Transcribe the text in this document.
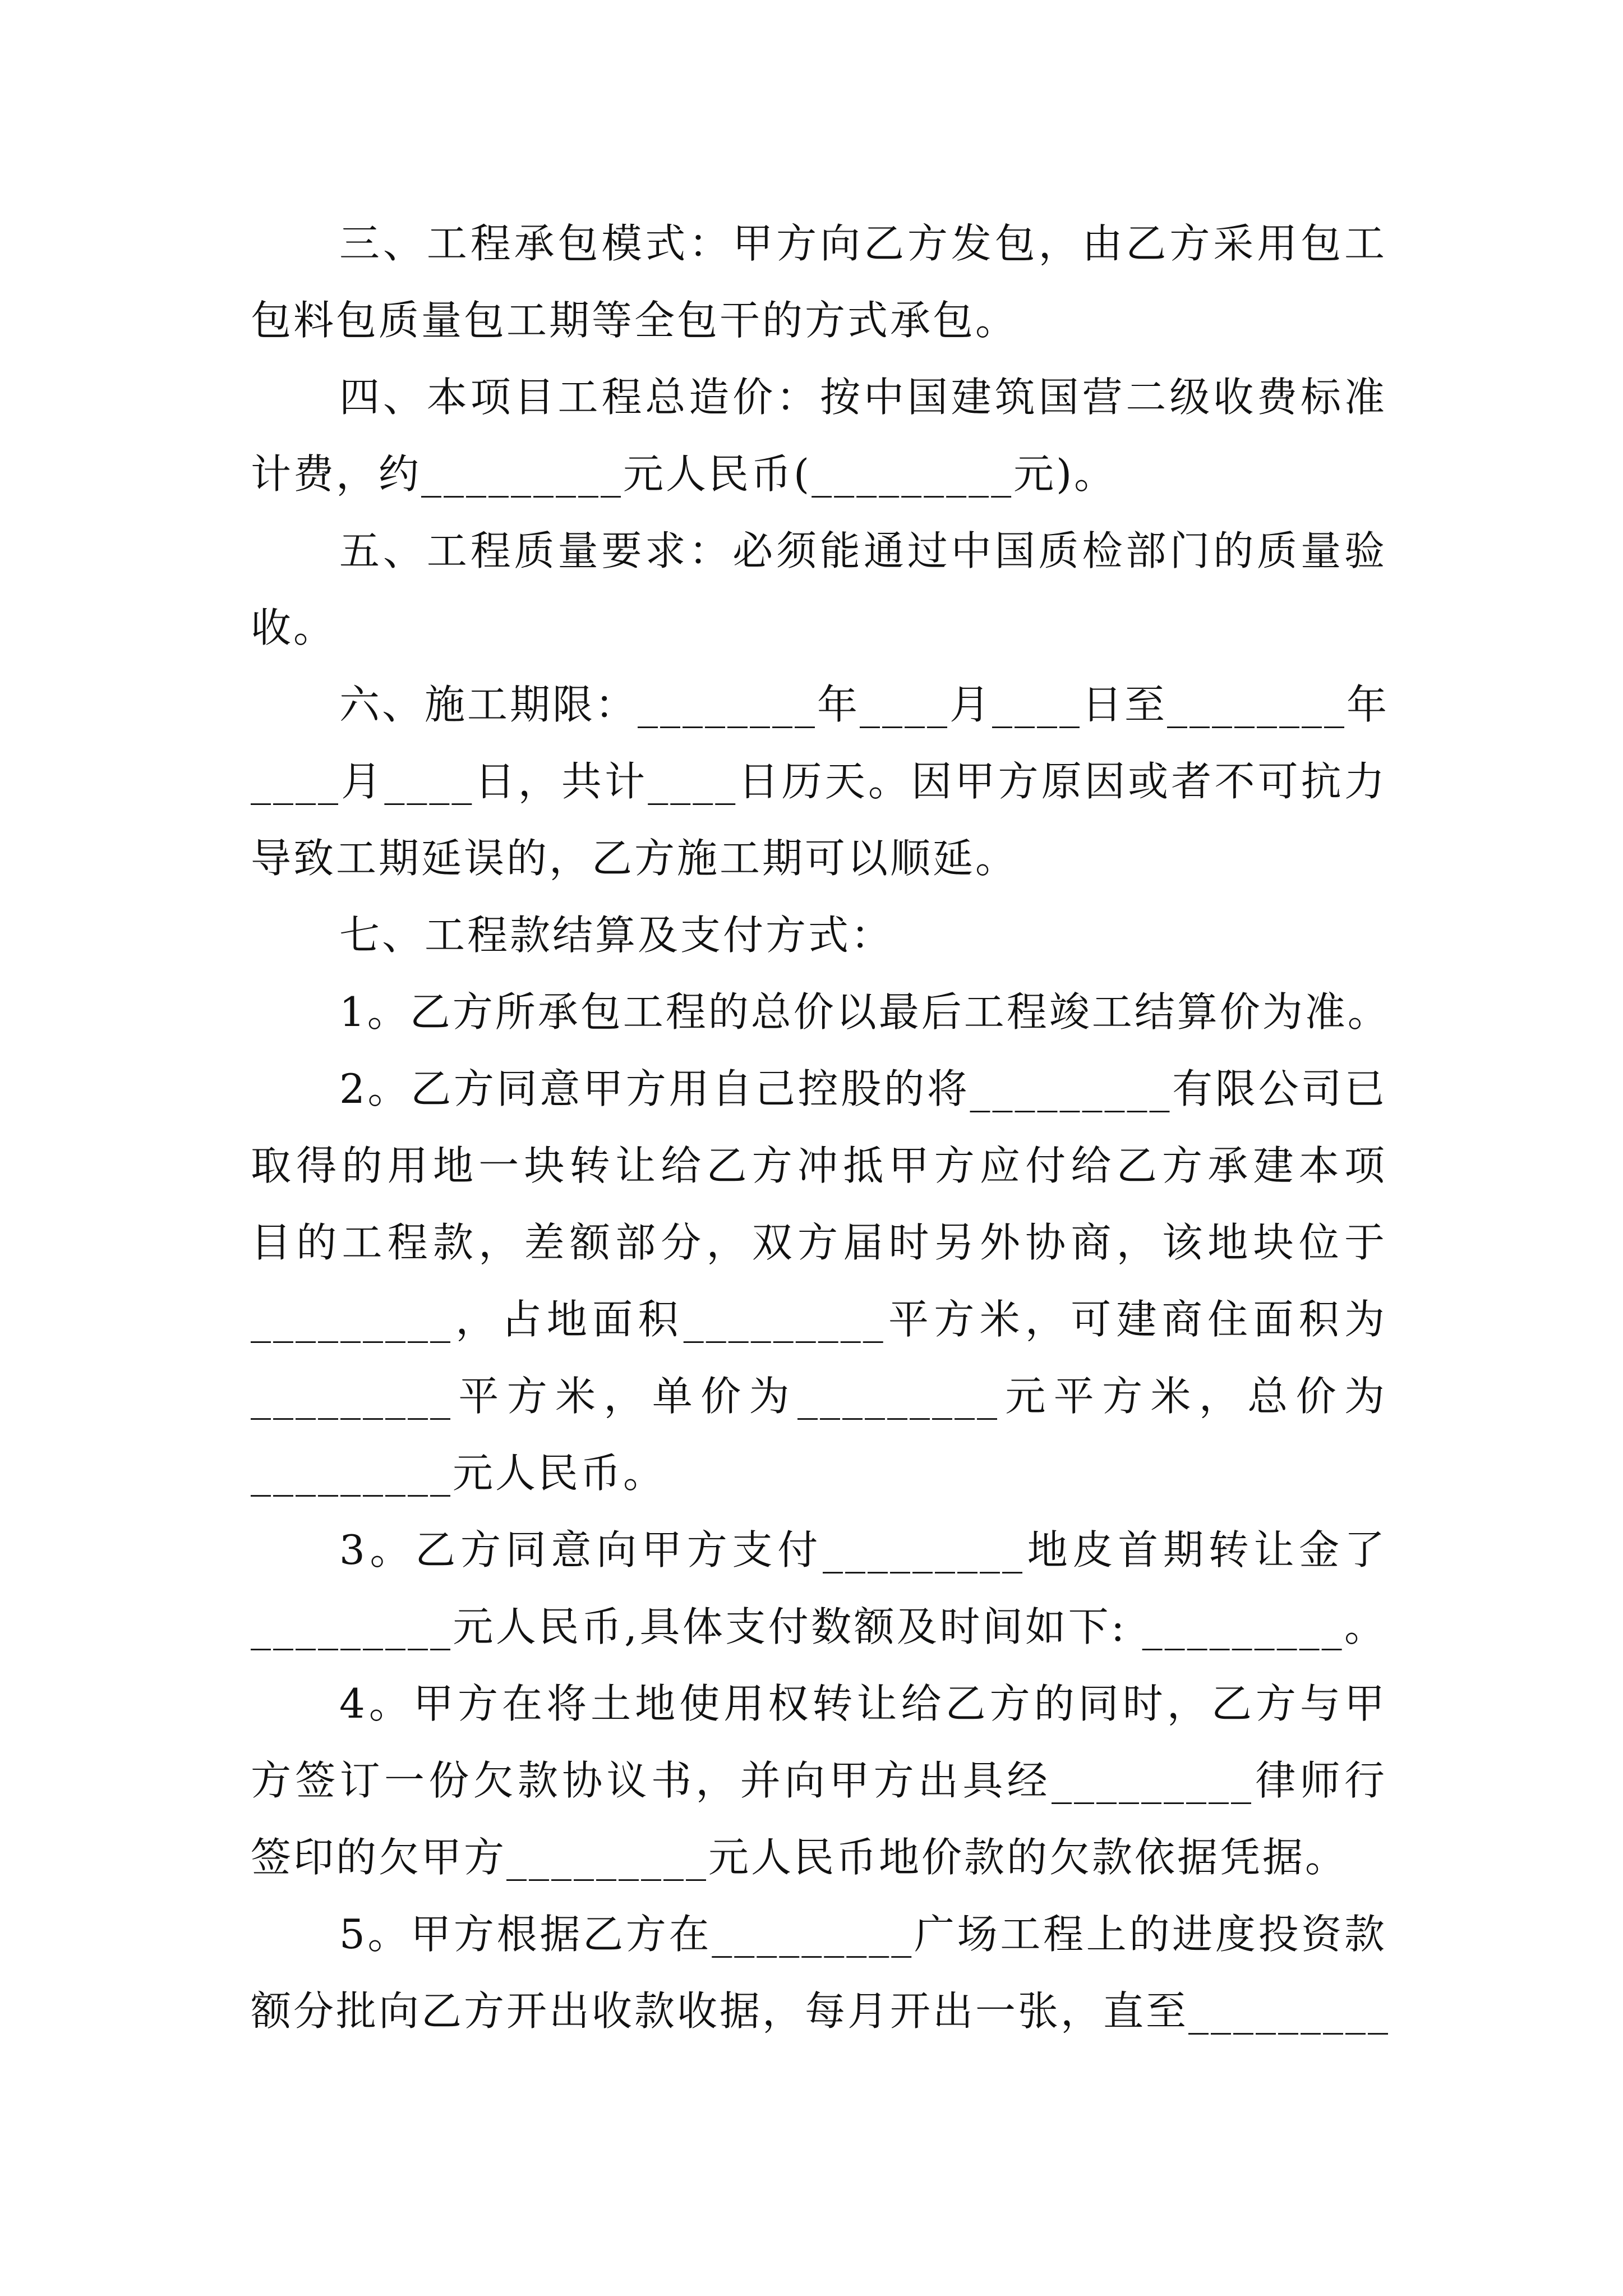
三、工程承包模式：甲方向乙方发包，由乙方采用包工
包料包质量包工期等全包干的方式承包。
四、本项目工程总造价：按中国建筑国营二级收费标准
计费，约_________元人民币(_________元)。
五、工程质量要求：必须能通过中国质检部门的质量验
收。
六、施工期限：________年____月____日至________年
____月____日，共计____日历天。因甲方原因或者不可抗力
导致工期延误的，乙方施工期可以顺延。
七、工程款结算及支付方式：
1。乙方所承包工程的总价以最后工程竣工结算价为准。
2。乙方同意甲方用自己控股的将_________有限公司已
取得的用地一块转让给乙方冲抵甲方应付给乙方承建本项
目的工程款，差额部分，双方届时另外协商，该地块位于
_________，占地面积_________平方米，可建商住面积为
_________平方米，单价为_________元平方米，总价为
_________元人民币。
3。乙方同意向甲方支付_________地皮首期转让金了
_________元人民币,具体支付数额及时间如下: _________。
4。甲方在将土地使用权转让给乙方的同时，乙方与甲
方签订一份欠款协议书，并向甲方出具经_________律师行
签印的欠甲方_________元人民币地价款的欠款依据凭据。
5。甲方根据乙方在_________广场工程上的进度投资款
额分批向乙方开出收款收据，每月开出一张，直至_________
